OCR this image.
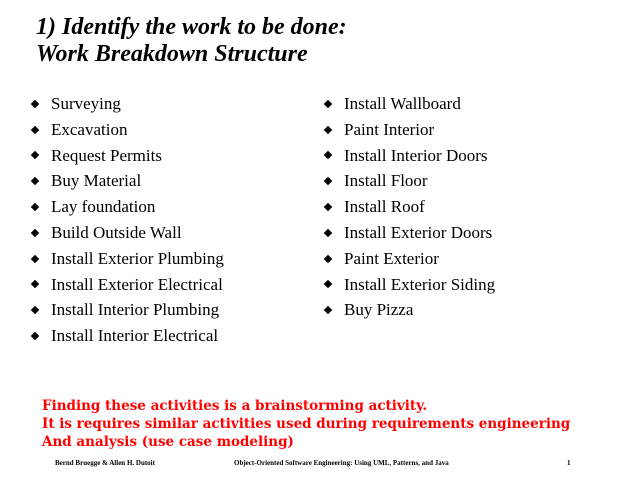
1) Identify the work to be done:
Work Breakdown Structure
Surveying
Excavation
Request Permits
Buy Material
Lay foundation
Build Outside Wall
Install Exterior Plumbing
Install Exterior Electrical
Install Interior Plumbing
Install Interior Electrical
Install Wallboard
Paint Interior
Install Interior Doors
Install Floor
Install Roof
Install Exterior Doors
Paint Exterior
Install Exterior Siding
Buy Pizza

Finding these activities is a brainstorming activity.
It is requires similar activities used during requirements engineering
And analysis (use case modeling)

Bernd Bruegge & Allen H. Dutoit	Object-Oriented Software Engineering: Using UML, Patterns, and Java	1
